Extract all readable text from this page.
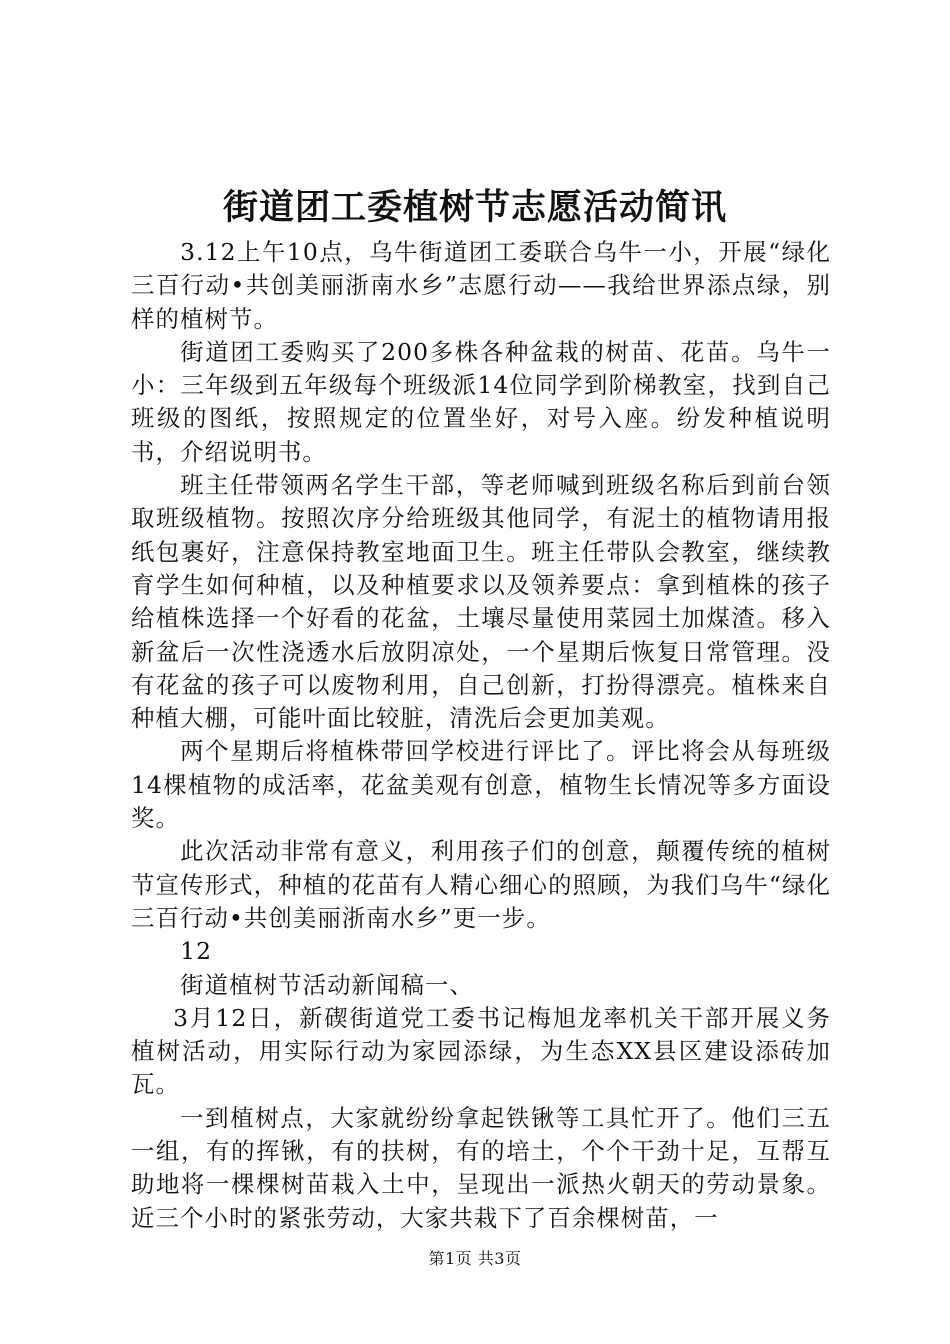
街道团工委植树节志愿活动简讯

3.12上午10点，乌牛街道团工委联合乌牛一小，开展“绿化三百行动•共创美丽浙南水乡”志愿行动——我给世界添点绿，别样的植树节。

街道团工委购买了200多株各种盆栽的树苗、花苗。乌牛一小：三年级到五年级每个班级派14位同学到阶梯教室，找到自己班级的图纸，按照规定的位置坐好，对号入座。纷发种植说明书，介绍说明书。

班主任带领两名学生干部，等老师喊到班级名称后到前台领取班级植物。按照次序分给班级其他同学，有泥土的植物请用报纸包裹好，注意保持教室地面卫生。班主任带队会教室，继续教育学生如何种植，以及种植要求以及领养要点：拿到植株的孩子给植株选择一个好看的花盆，土壤尽量使用菜园土加煤渣。移入新盆后一次性浇透水后放阴凉处，一个星期后恢复日常管理。没有花盆的孩子可以废物利用，自己创新，打扮得漂亮。植株来自种植大棚，可能叶面比较脏，清洗后会更加美观。

两个星期后将植株带回学校进行评比了。评比将会从每班级14棵植物的成活率，花盆美观有创意，植物生长情况等多方面设奖。

此次活动非常有意义，利用孩子们的创意，颠覆传统的植树节宣传形式，种植的花苗有人精心细心的照顾，为我们乌牛“绿化三百行动•共创美丽浙南水乡”更一步。

12

街道植树节活动新闻稿一、

3月12日，新碶街道党工委书记梅旭龙率机关干部开展义务植树活动，用实际行动为家园添绿，为生态XX县区建设添砖加瓦。

一到植树点，大家就纷纷拿起铁锹等工具忙开了。他们三五一组，有的挥锹，有的扶树，有的培土，个个干劲十足，互帮互助地将一棵棵树苗栽入土中，呈现出一派热火朝天的劳动景象。近三个小时的紧张劳动，大家共栽下了百余棵树苗，一

第1页 共3页
